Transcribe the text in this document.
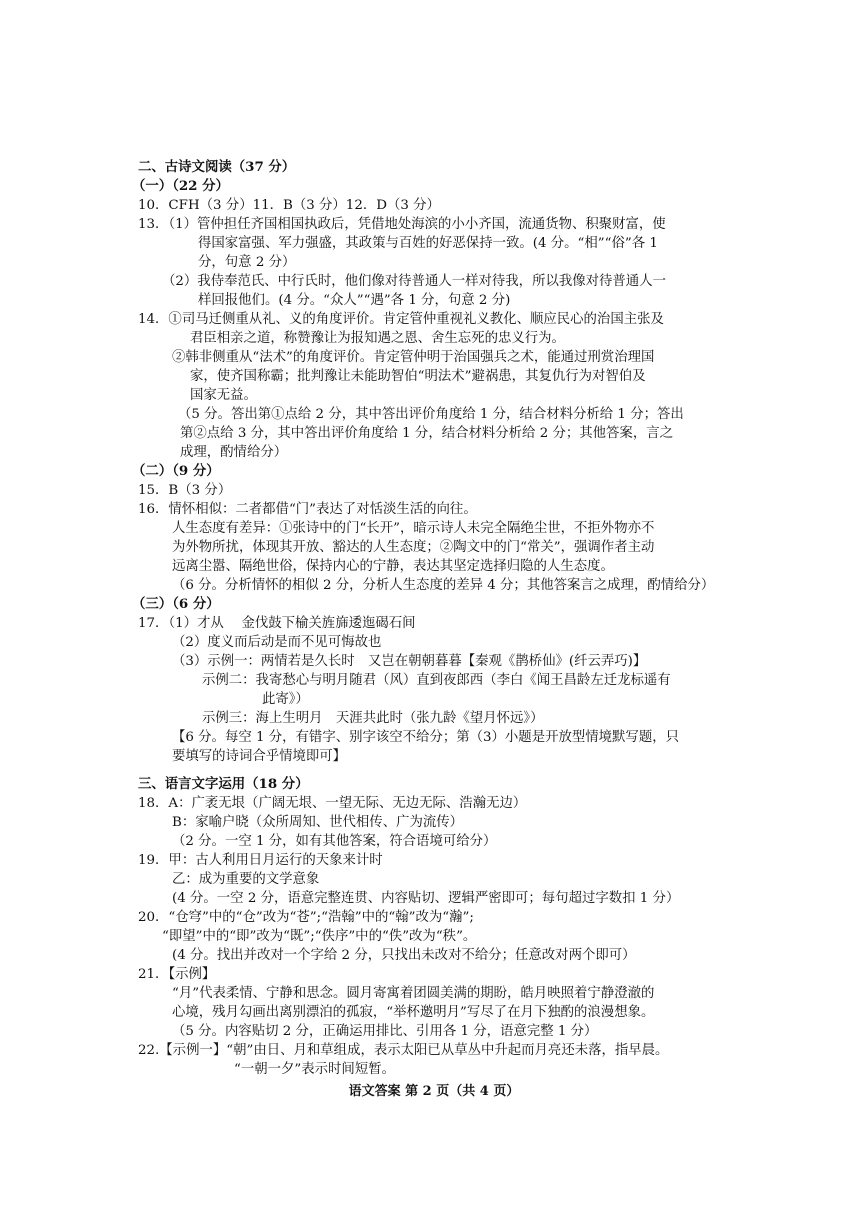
二、古诗文阅读（37 分）
（一）（22 分）
10．CFH（3 分）11．B（3 分）12．D（3 分）
13．（1）管仲担任齐国相国执政后，凭借地处海滨的小小齐国，流通货物、积聚财富，使
得国家富强、军力强盛，其政策与百姓的好恶保持一致。(4 分。“相”“俗”各 1
分，句意 2 分）
（2）我侍奉范氏、中行氏时，他们像对待普通人一样对待我，所以我像对待普通人一
样回报他们。(4 分。“众人”“遇”各 1 分，句意 2 分)
14．①司马迁侧重从礼、义的角度评价。肯定管仲重视礼义教化、顺应民心的治国主张及
君臣相亲之道，称赞豫让为报知遇之恩、舍生忘死的忠义行为。
②韩非侧重从“法术”的角度评价。肯定管仲明于治国强兵之术，能通过刑赏治理国
家，使齐国称霸；批判豫让未能助智伯“明法术”避祸患，其复仇行为对智伯及
国家无益。
（5 分。答出第①点给 2 分，其中答出评价角度给 1 分，结合材料分析给 1 分；答出
第②点给 3 分，其中答出评价角度给 1 分，结合材料分析给 2 分；其他答案，言之
成理，酌情给分）
（二）（9 分）
15．B（3 分）
16．情怀相似：二者都借“门”表达了对恬淡生活的向往。
人生态度有差异：①张诗中的门“长开”，暗示诗人未完全隔绝尘世，不拒外物亦不
为外物所扰，体现其开放、豁达的人生态度；②陶文中的门“常关”，强调作者主动
远离尘嚣、隔绝世俗，保持内心的宁静，表达其坚定选择归隐的人生态度。
（6 分。分析情怀的相似 2 分，分析人生态度的差异 4 分；其他答案言之成理，酌情给分）
（三）（6 分）
17．（1）才从　 金伐鼓下榆关旌旆逶迤碣石间
（2）度义而后动是而不见可悔故也
（3）示例一：两情若是久长时　又岂在朝朝暮暮【秦观《鹊桥仙》(纤云弄巧)】
示例二：我寄愁心与明月随君（风）直到夜郎西（李白《闻王昌龄左迁龙标遥有
此寄》）
示例三：海上生明月　天涯共此时（张九龄《望月怀远》）
【6 分。每空 1 分，有错字、别字该空不给分；第（3）小题是开放型情境默写题，只
要填写的诗词合乎情境即可】
三、语言文字运用（18 分）
18．A：广袤无垠（广阔无垠、一望无际、无边无际、浩瀚无边）
B：家喻户晓（众所周知、世代相传、广为流传）
（2 分。一空 1 分，如有其他答案，符合语境可给分）
19．甲：古人利用日月运行的天象来计时
乙：成为重要的文学意象
(4 分。一空 2 分，语意完整连贯、内容贴切、逻辑严密即可；每句超过字数扣 1 分）
20．“仓穹”中的“仓”改为“苍”;“浩翰”中的“翰”改为“瀚”;
“即望”中的“即”改为“既”;“佚序”中的“佚”改为“秩”。
(4 分。找出并改对一个字给 2 分，只找出未改对不给分；任意改对两个即可）
21．【示例】
“月”代表柔情、宁静和思念。圆月寄寓着团圆美满的期盼，皓月映照着宁静澄澈的
心境，残月勾画出离别漂泊的孤寂，“举杯邀明月”写尽了在月下独酌的浪漫想象。
（5 分。内容贴切 2 分，正确运用排比、引用各 1 分，语意完整 1 分）
22.【示例一】“朝”由日、月和草组成，表示太阳已从草丛中升起而月亮还未落，指早晨。
“一朝一夕”表示时间短暂。
语文答案 第 2 页（共 4 页）
